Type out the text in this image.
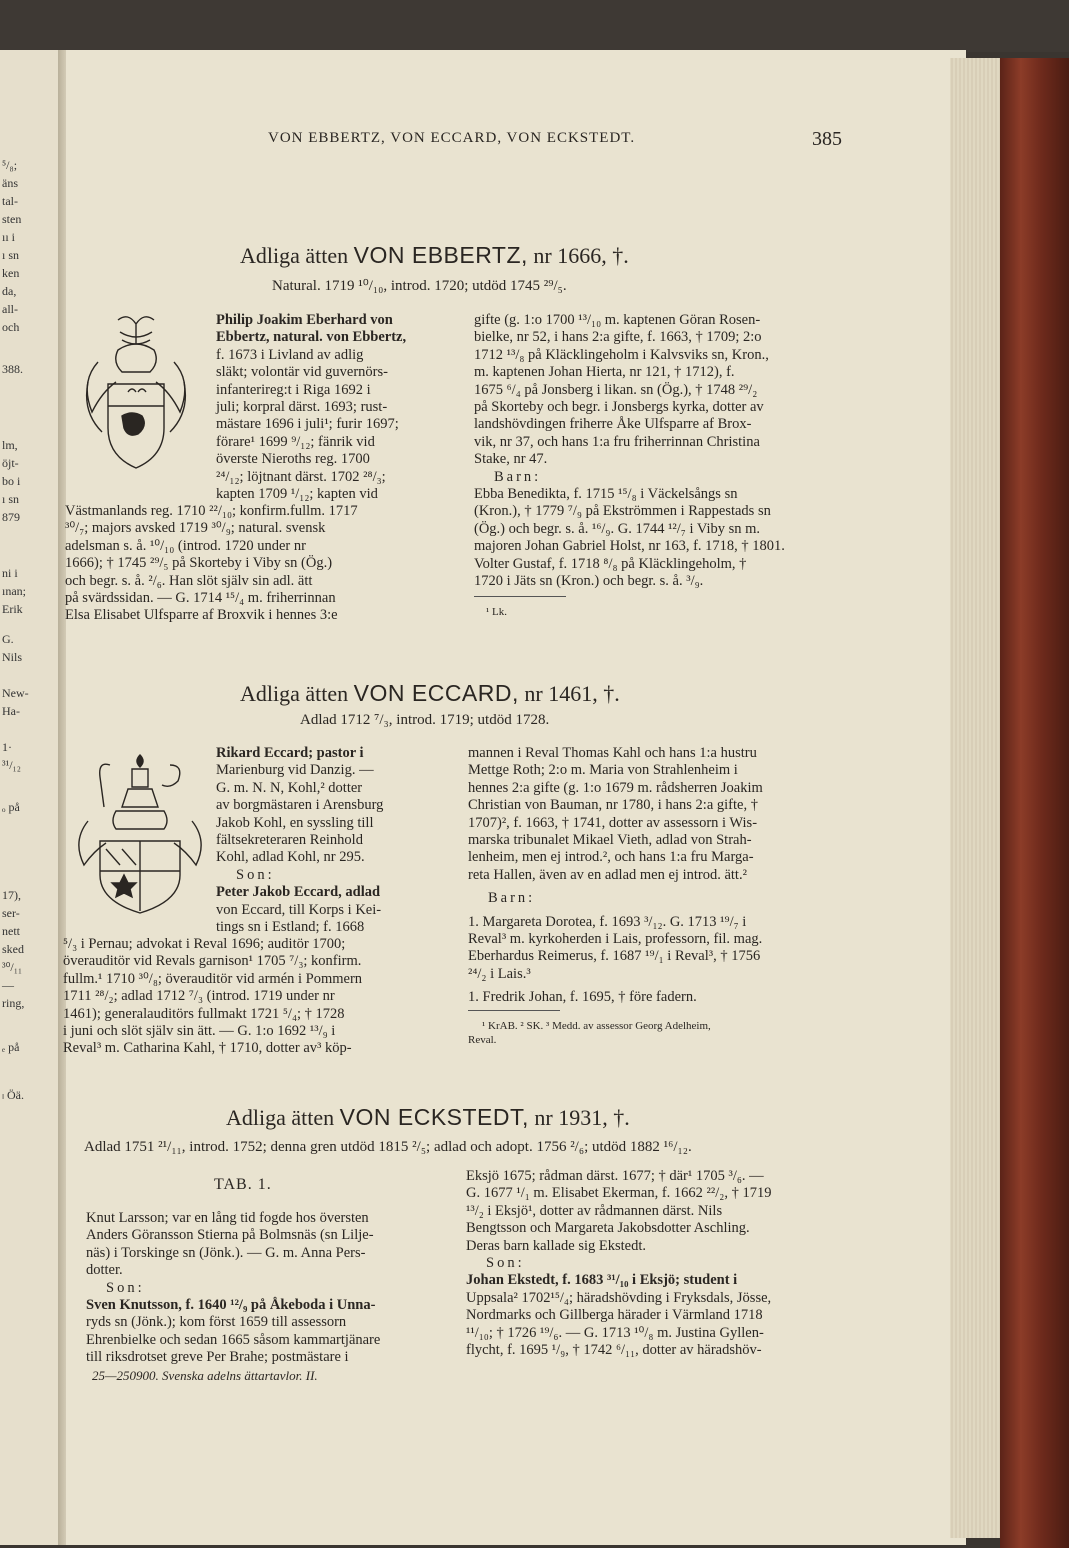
⁵/₈;
äns
tal-
sten
ıı i
ı sn
ken
da,
all-
och
388.
lm,
öjt-
bo i
ı sn
879
ni i
ınan;
Erik
G.
Nils
New-
Ha-
1·
³¹/₁₂
ₒ på
17),
ser-
nett
sked
³⁰/₁₁
—
ring,
ₑ på
ₗ Öä.
VON EBBERTZ, VON ECCARD, VON ECKSTEDT.	385
Adliga ätten VON EBBERTZ, nr 1666, †.
Natural. 1719 ¹⁰/₁₀, introd. 1720; utdöd 1745 ²⁹/₅.

Philip Joakim Eberhard von

Ebbertz, natural. von Ebbertz,

f. 1673 i Livland av adlig

släkt; volontär vid guvernörs-

infanterireg:t i Riga 1692 i

juli; korpral därst. 1693; rust-

mästare 1696 i juli¹; furir 1697;

förare¹ 1699 ⁹/₁₂; fänrik vid

överste Nieroths reg. 1700

²⁴/₁₂; löjtnant därst. 1702 ²⁸/₃;

kapten 1709 ¹/₁₂; kapten vid

Västmanlands reg. 1710 ²²/₁₀; konfirm.fullm. 1717

³⁰/₇; majors avsked 1719 ³⁰/₉; natural. svensk

adelsman s. å. ¹⁰/₁₀ (introd. 1720 under nr

1666); † 1745 ²⁹/₅ på Skorteby i Viby sn (Ög.)

och begr. s. å. ²/₆. Han slöt själv sin adl. ätt

på svärdssidan. — G. 1714 ¹⁵/₄ m. friherrinnan

Elsa Elisabet Ulfsparre af Broxvik i hennes 3:e

gifte (g. 1:o 1700 ¹³/₁₀ m. kaptenen Göran Rosen-

bielke, nr 52, i hans 2:a gifte, f. 1663, † 1709; 2:o

1712 ¹³/₈ på Kläcklingeholm i Kalvsviks sn, Kron.,

m. kaptenen Johan Hierta, nr 121, † 1712), f.

1675 ⁶/₄ på Jonsberg i likan. sn (Ög.), † 1748 ²⁹/₂

på Skorteby och begr. i Jonsbergs kyrka, dotter av

landshövdingen friherre Åke Ulfsparre af Brox-

vik, nr 37, och hans 1:a fru friherrinnan Christina

Stake, nr 47.

Barn:

Ebba Benedikta, f. 1715 ¹⁵/₈ i Väckelsångs sn

(Kron.), † 1779 ⁷/₉ på Ekströmmen i Rappestads sn

(Ög.) och begr. s. å. ¹⁶/₉. G. 1744 ¹²/₇ i Viby sn m.

majoren Johan Gabriel Holst, nr 163, f. 1718, † 1801.

Volter Gustaf, f. 1718 ⁸/₈ på Kläcklingeholm, †

1720 i Jäts sn (Kron.) och begr. s. å. ³/₉.

¹ Lk.
Adliga ätten VON ECCARD, nr 1461, †.
Adlad 1712 ⁷/₃, introd. 1719; utdöd 1728.

Rikard Eccard; pastor i

Marienburg vid Danzig. —

G. m. N. N, Kohl,² dotter

av borgmästaren i Arensburg

Jakob Kohl, en syssling till

fältsekreteraren Reinhold

Kohl, adlad Kohl, nr 295.

Son:

Peter Jakob Eccard, adlad

von Eccard, till Korps i Kei-

tings sn i Estland; f. 1668

⁵/₃ i Pernau; advokat i Reval 1696; auditör 1700;

överauditör vid Revals garnison¹ 1705 ⁷/₃; konfirm.

fullm.¹ 1710 ³⁰/₈; överauditör vid armén i Pommern

1711 ²⁸/₂; adlad 1712 ⁷/₃ (introd. 1719 under nr

1461); generalauditörs fullmakt 1721 ⁵/₄; † 1728

i juni och slöt själv sin ätt. — G. 1:o 1692 ¹³/₉ i

Reval³ m. Catharina Kahl, † 1710, dotter av³ köp-

mannen i Reval Thomas Kahl och hans 1:a hustru

Mettge Roth; 2:o m. Maria von Strahlenheim i

hennes 2:a gifte (g. 1:o 1679 m. rådsherren Joakim

Christian von Bauman, nr 1780, i hans 2:a gifte, †

1707)², f. 1663, † 1741, dotter av assessorn i Wis-

marska tribunalet Mikael Vieth, adlad von Strah-

lenheim, men ej introd.², och hans 1:a fru Marga-

reta Hallen, även av en adlad men ej introd. ätt.²

Barn:

1. Margareta Dorotea, f. 1693 ³/₁₂. G. 1713 ¹⁹/₇ i

Reval³ m. kyrkoherden i Lais, professorn, fil. mag.

Eberhardus Reimerus, f. 1687 ¹⁹/₁ i Reval³, † 1756

²⁴/₂ i Lais.³

1. Fredrik Johan, f. 1695, † före fadern.

¹ KrAB. ² SK. ³ Medd. av assessor Georg Adelheim,
Reval.
Adliga ätten VON ECKSTEDT, nr 1931, †.
Adlad 1751 ²¹/₁₁, introd. 1752; denna gren utdöd 1815 ²/₅; adlad och adopt. 1756 ²/₆; utdöd 1882 ¹⁶/₁₂.
TAB. 1.

Knut Larsson; var en lång tid fogde hos översten

Anders Göransson Stierna på Bolmsnäs (sn Lilje-

näs) i Torskinge sn (Jönk.). — G. m. Anna Pers-

dotter.

Son:

Sven Knutsson, f. 1640 ¹²/₉ på Åkeboda i Unna-

ryds sn (Jönk.); kom först 1659 till assessorn

Ehrenbielke och sedan 1665 såsom kammartjänare

till riksdrotset greve Per Brahe; postmästare i

Eksjö 1675; rådman därst. 1677; † där¹ 1705 ³/₆. —

G. 1677 ¹/₁ m. Elisabet Ekerman, f. 1662 ²²/₂, † 1719

¹³/₂ i Eksjö¹, dotter av rådmannen därst. Nils

Bengtsson och Margareta Jakobsdotter Aschling.

Deras barn kallade sig Ekstedt.

Son:

Johan Ekstedt, f. 1683 ³¹/₁₀ i Eksjö; student i

Uppsala² 1702¹⁵/₄; häradshövding i Fryksdals, Jösse,

Nordmarks och Gillberga härader i Värmland 1718

¹¹/₁₀; † 1726 ¹⁹/₆. — G. 1713 ¹⁰/₈ m. Justina Gyllen-

flycht, f. 1695 ¹/₉, † 1742 ⁶/₁₁, dotter av häradshöv-

25—250900. Svenska adelns ättartavlor. II.
